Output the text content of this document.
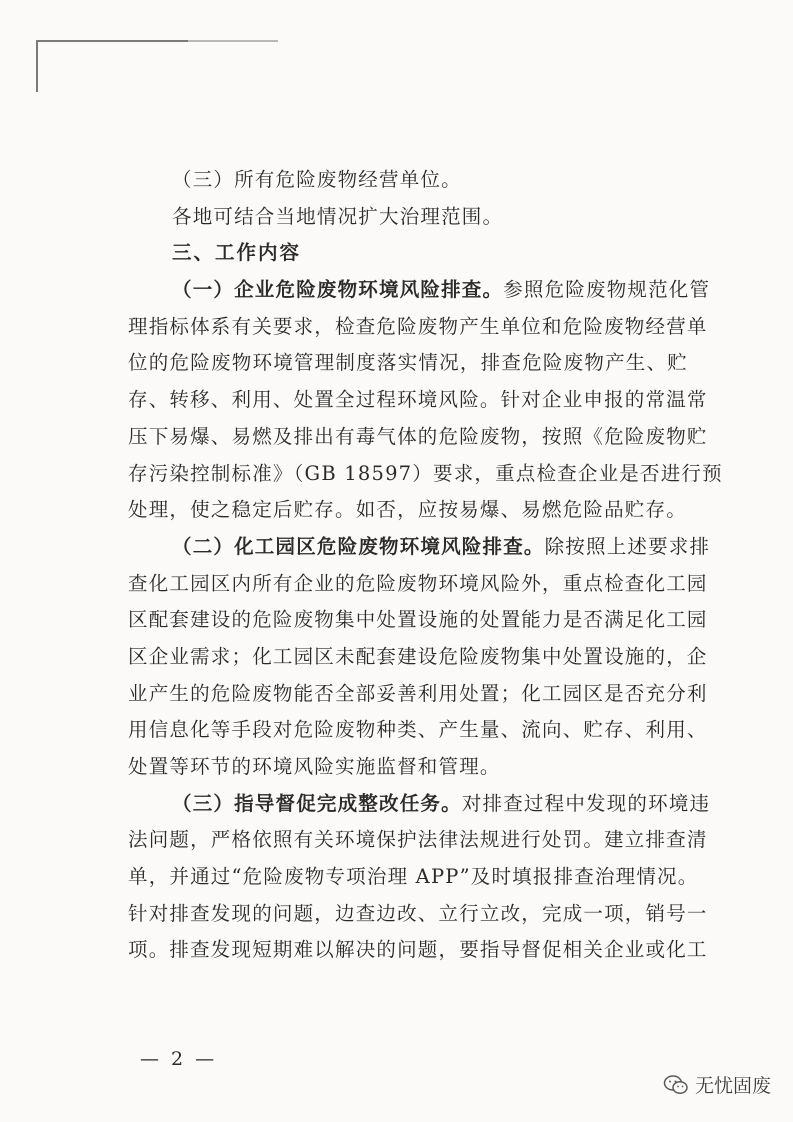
（三）所有危险废物经营单位。
各地可结合当地情况扩大治理范围。
三、工作内容
（一）企业危险废物环境风险排查。参照危险废物规范化管
理指标体系有关要求，检查危险废物产生单位和危险废物经营单
位的危险废物环境管理制度落实情况，排查危险废物产生、贮
存、转移、利用、处置全过程环境风险。针对企业申报的常温常
压下易爆、易燃及排出有毒气体的危险废物，按照《危险废物贮
存污染控制标准》（GB 18597）要求，重点检查企业是否进行预
处理，使之稳定后贮存。如否，应按易爆、易燃危险品贮存。
（二）化工园区危险废物环境风险排查。除按照上述要求排
查化工园区内所有企业的危险废物环境风险外，重点检查化工园
区配套建设的危险废物集中处置设施的处置能力是否满足化工园
区企业需求；化工园区未配套建设危险废物集中处置设施的，企
业产生的危险废物能否全部妥善利用处置；化工园区是否充分利
用信息化等手段对危险废物种类、产生量、流向、贮存、利用、
处置等环节的环境风险实施监督和管理。
（三）指导督促完成整改任务。对排查过程中发现的环境违
法问题，严格依照有关环境保护法律法规进行处罚。建立排查清
单，并通过“危险废物专项治理 APP”及时填报排查治理情况。
针对排查发现的问题，边查边改、立行立改，完成一项，销号一
项。排查发现短期难以解决的问题，要指导督促相关企业或化工
— 2 —
无忧固废
